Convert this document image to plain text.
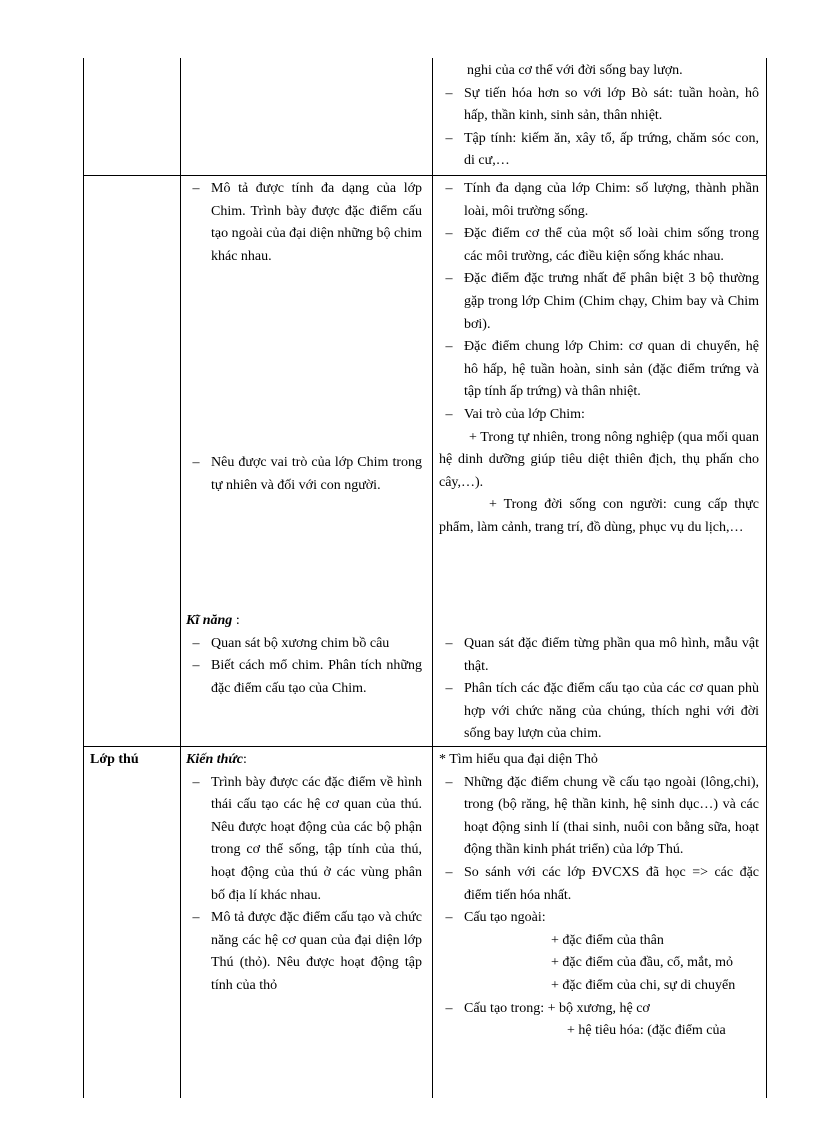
nghi của cơ thể với đời sống bay lượn.

– Sự tiến hóa hơn so với lớp Bò sát: tuần hoàn, hô hấp, thần kinh, sinh sản, thân nhiệt.
– Tập tính: kiếm ăn, xây tổ, ấp trứng, chăm sóc con, di cư,…
– Mô tả được tính đa dạng của lớp Chim. Trình bày được đặc điểm cấu tạo ngoài của đại diện những bộ chim khác nhau.
– Nêu được vai trò của lớp Chim trong tự nhiên và đối với con người.

Kĩ năng :

– Quan sát bộ xương chim bồ câu
– Biết cách mổ chim. Phân tích những đặc điểm cấu tạo của Chim.
– Tính đa dạng của lớp Chim: số lượng, thành phần loài, môi trường sống.
– Đặc điểm cơ thể của một số loài chim sống trong các môi trường, các điều kiện sống khác nhau.
– Đặc điểm đặc trưng nhất để phân biệt 3 bộ thường gặp trong lớp Chim (Chim chạy, Chim bay và Chim bơi).
– Đặc điểm chung lớp Chim: cơ quan di chuyển, hệ hô hấp, hệ tuần hoàn, sinh sản (đặc điểm trứng và tập tính ấp trứng) và thân nhiệt.
– Vai trò của lớp Chim:

+ Trong tự nhiên, trong nông nghiệp (qua mối quan hệ dinh dưỡng giúp tiêu diệt thiên địch, thụ phấn cho cây,…).

+ Trong đời sống con người: cung cấp thực phẩm, làm cảnh, trang trí, đồ dùng, phục vụ du lịch,…

– Quan sát đặc điểm từng phần qua mô hình, mẫu vật thật.
– Phân tích các đặc điểm cấu tạo của các cơ quan phù hợp với chức năng của chúng, thích nghi với đời sống bay lượn của chim.

Lớp thú	Kiến thức:

– Trình bày được các đặc điểm về hình thái cấu tạo các hệ cơ quan của thú. Nêu được hoạt động của các bộ phận trong cơ thể sống, tập tính của thú, hoạt động của thú ở các vùng phân bố địa lí khác nhau.
– Mô tả được đặc điểm cấu tạo và chức năng các hệ cơ quan của đại diện lớp Thú (thỏ). Nêu được hoạt động tập tính của thỏ

* Tìm hiểu qua đại diện Thỏ

– Những đặc điểm chung về cấu tạo ngoài (lông,chi), trong (bộ răng, hệ thần kinh, hệ sinh dục…) và các hoạt động sinh lí (thai sinh, nuôi con bằng sữa, hoạt động thần kinh phát triển) của lớp Thú.
– So sánh với các lớp ĐVCXS đã học => các đặc điểm tiến hóa nhất.
– Cấu tạo ngoài:

+ đặc điểm của thân

+ đặc điểm của đầu, cổ, mắt, mỏ

+ đặc điểm của chi, sự di chuyển

– Cấu tạo trong: + bộ xương, hệ cơ

+ hệ tiêu hóa: (đặc điểm của
